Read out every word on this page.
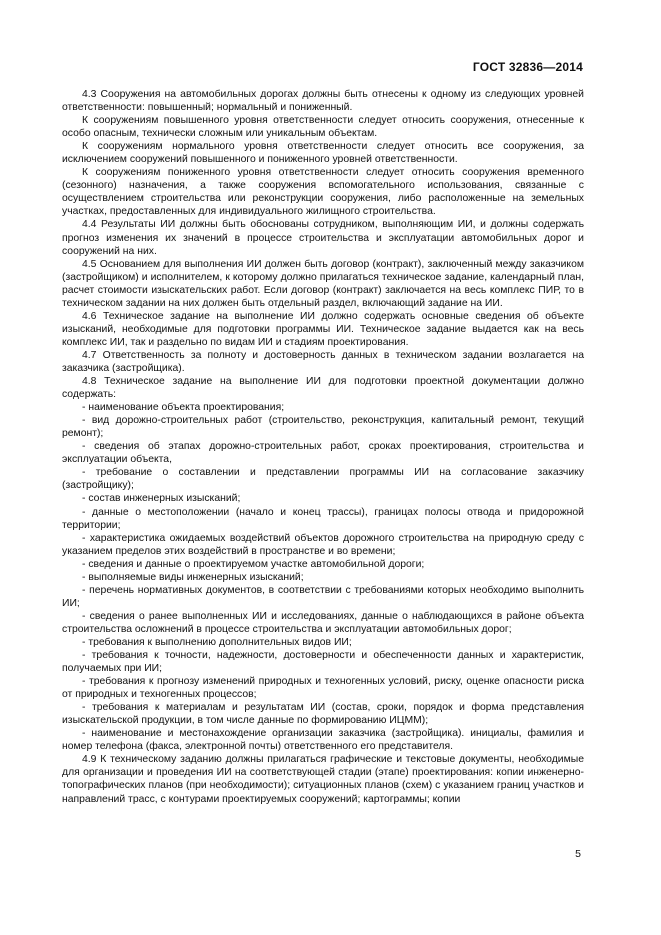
ГОСТ 32836—2014

4.3 Сооружения на автомобильных дорогах должны быть отнесены к одному из следующих уровней ответственности: повышенный; нормальный и пониженный.

К сооружениям повышенного уровня ответственности следует относить сооружения, отнесенные к особо опасным, технически сложным или уникальным объектам.

К сооружениям нормального уровня ответственности следует относить все сооружения, за исключением сооружений повышенного и пониженного уровней ответственности.

К сооружениям пониженного уровня ответственности следует относить сооружения временного (сезонного) назначения, а также сооружения вспомогательного использования, связанные с осуществлением строительства или реконструкции сооружения, либо расположенные на земельных участках, предоставленных для индивидуального жилищного строительства.

4.4 Результаты ИИ должны быть обоснованы сотрудником, выполняющим ИИ, и должны содержать прогноз изменения их значений в процессе строительства и эксплуатации автомобильных дорог и сооружений на них.

4.5 Основанием для выполнения ИИ должен быть договор (контракт), заключенный между заказчиком (застройщиком) и исполнителем, к которому должно прилагаться техническое задание, календарный план, расчет стоимости изыскательских работ. Если договор (контракт) заключается на весь комплекс ПИР, то в техническом задании на них должен быть отдельный раздел, включающий задание на ИИ.

4.6 Техническое задание на выполнение ИИ должно содержать основные сведения об объекте изысканий, необходимые для подготовки программы ИИ. Техническое задание выдается как на весь комплекс ИИ, так и раздельно по видам ИИ и стадиям проектирования.

4.7 Ответственность за полноту и достоверность данных в техническом задании возлагается на заказчика (застройщика).

4.8 Техническое задание на выполнение ИИ для подготовки проектной документации должно содержать:

- наименование объекта проектирования;

- вид дорожно-строительных работ (строительство, реконструкция, капитальный ремонт, текущий ремонт);

- сведения об этапах дорожно-строительных работ, сроках проектирования, строительства и эксплуатации объекта,

- требование о составлении и представлении программы ИИ на согласование заказчику (застройщику);

- состав инженерных изысканий;

- данные о местоположении (начало и конец трассы), границах полосы отвода и придорожной территории;

- характеристика ожидаемых воздействий объектов дорожного строительства на природную среду с указанием пределов этих воздействий в пространстве и во времени;

- сведения и данные о проектируемом участке автомобильной дороги;

- выполняемые виды инженерных изысканий;

- перечень нормативных документов, в соответствии с требованиями которых необходимо выполнить ИИ;

- сведения о ранее выполненных ИИ и исследованиях, данные о наблюдающихся в районе объекта строительства осложнений в процессе строительства и эксплуатации автомобильных дорог;

- требования к выполнению дополнительных видов ИИ;

- требования к точности, надежности, достоверности и обеспеченности данных и характеристик, получаемых при ИИ;

- требования к прогнозу изменений природных и техногенных условий, риску, оценке опасности риска от природных и техногенных процессов;

- требования к материалам и результатам ИИ (состав, сроки, порядок и форма представления изыскательской продукции, в том числе данные по формированию ИЦММ);

- наименование и местонахождение организации заказчика (застройщика). инициалы, фамилия и номер телефона (факса, электронной почты) ответственного его представителя.

4.9 К техническому заданию должны прилагаться графические и текстовые документы, необходимые для организации и проведения ИИ на соответствующей стадии (этапе) проектирования: копии инженерно-топографических планов (при необходимости); ситуационных планов (схем) с указанием границ участков и направлений трасс, с контурами проектируемых сооружений; картограммы; копии

5
